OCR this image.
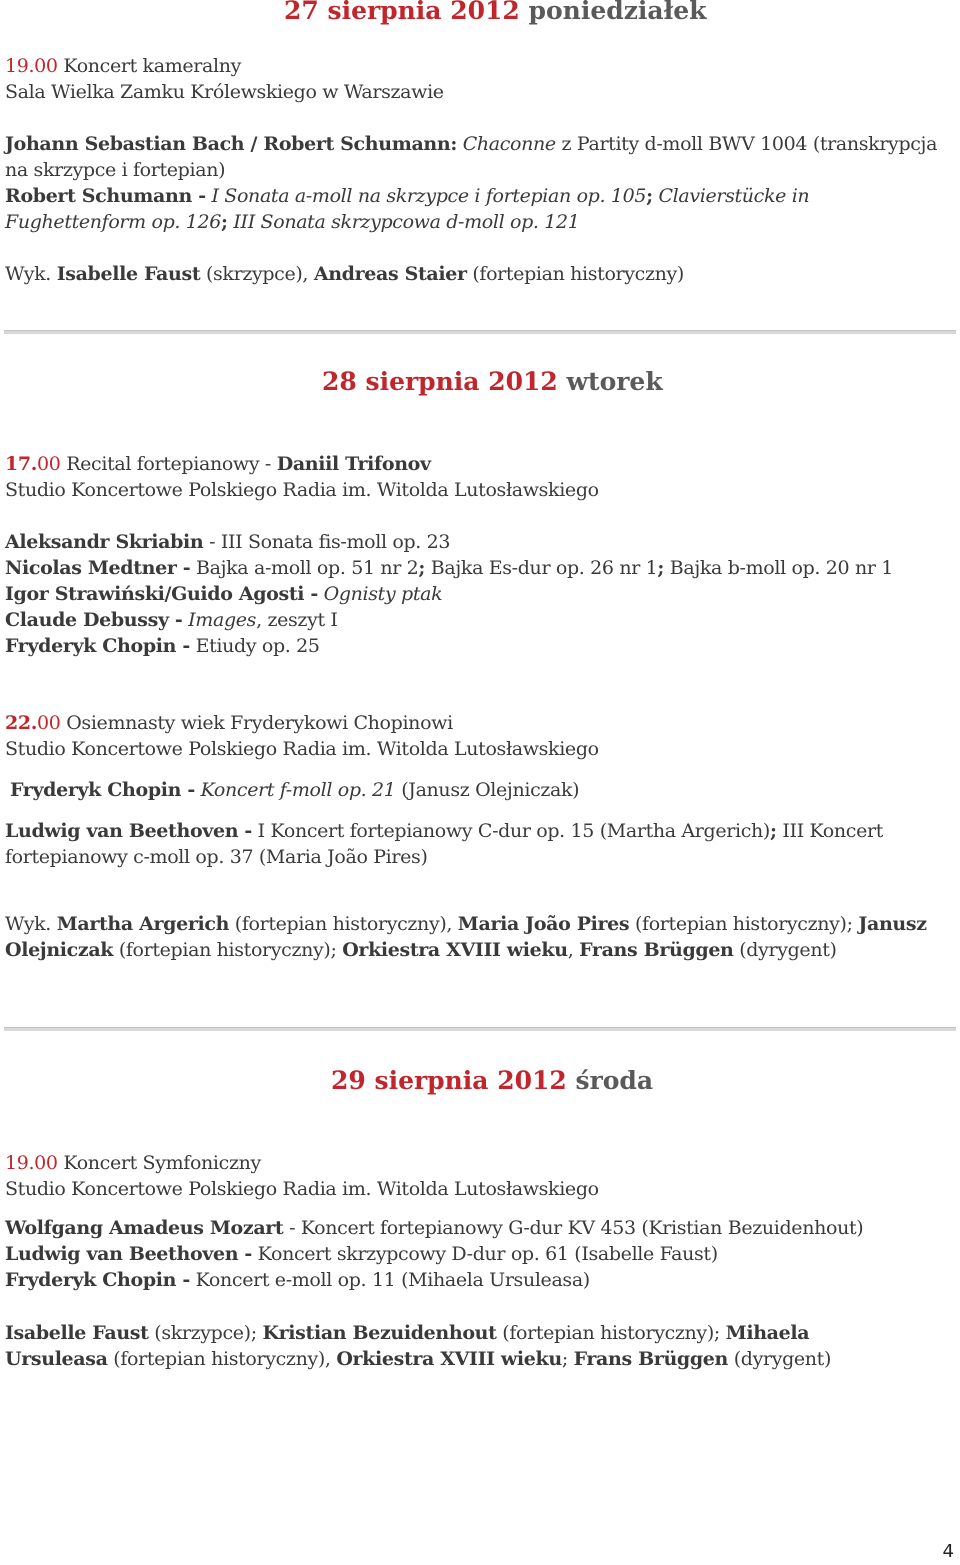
27 sierpnia 2012 poniedziałek
19.00 Koncert kameralny
Sala Wielka Zamku Królewskiego w Warszawie
Johann Sebastian Bach / Robert Schumann: Chaconne z Partity d-moll BWV 1004 (transkrypcja
na skrzypce i fortepian)
Robert Schumann - I Sonata a-moll na skrzypce i fortepian op. 105; Clavierstücke in
Fughettenform op. 126; III Sonata skrzypcowa d-moll op. 121
Wyk. Isabelle Faust (skrzypce), Andreas Staier (fortepian historyczny)
28 sierpnia 2012 wtorek
17.00 Recital fortepianowy - Daniil Trifonov
Studio Koncertowe Polskiego Radia im. Witolda Lutosławskiego
Aleksandr Skriabin - III Sonata fis-moll op. 23
Nicolas Medtner - Bajka a-moll op. 51 nr 2; Bajka Es-dur op. 26 nr 1; Bajka b-moll op. 20 nr 1
Igor Strawiński/Guido Agosti - Ognisty ptak
Claude Debussy - Images, zeszyt I
Fryderyk Chopin - Etiudy op. 25
22.00 Osiemnasty wiek Fryderykowi Chopinowi
Studio Koncertowe Polskiego Radia im. Witolda Lutosławskiego
Fryderyk Chopin - Koncert f-moll op. 21 (Janusz Olejniczak)
Ludwig van Beethoven - I Koncert fortepianowy C-dur op. 15 (Martha Argerich); III Koncert
fortepianowy c-moll op. 37 (Maria João Pires)
Wyk. Martha Argerich (fortepian historyczny), Maria João Pires (fortepian historyczny); Janusz
Olejniczak (fortepian historyczny); Orkiestra XVIII wieku, Frans Brüggen (dyrygent)
29 sierpnia 2012 środa
19.00 Koncert Symfoniczny
Studio Koncertowe Polskiego Radia im. Witolda Lutosławskiego
Wolfgang Amadeus Mozart - Koncert fortepianowy G-dur KV 453 (Kristian Bezuidenhout)
Ludwig van Beethoven - Koncert skrzypcowy D-dur op. 61 (Isabelle Faust)
Fryderyk Chopin - Koncert e-moll op. 11 (Mihaela Ursuleasa)
Isabelle Faust (skrzypce); Kristian Bezuidenhout (fortepian historyczny); Mihaela
Ursuleasa (fortepian historyczny), Orkiestra XVIII wieku; Frans Brüggen (dyrygent)
4
